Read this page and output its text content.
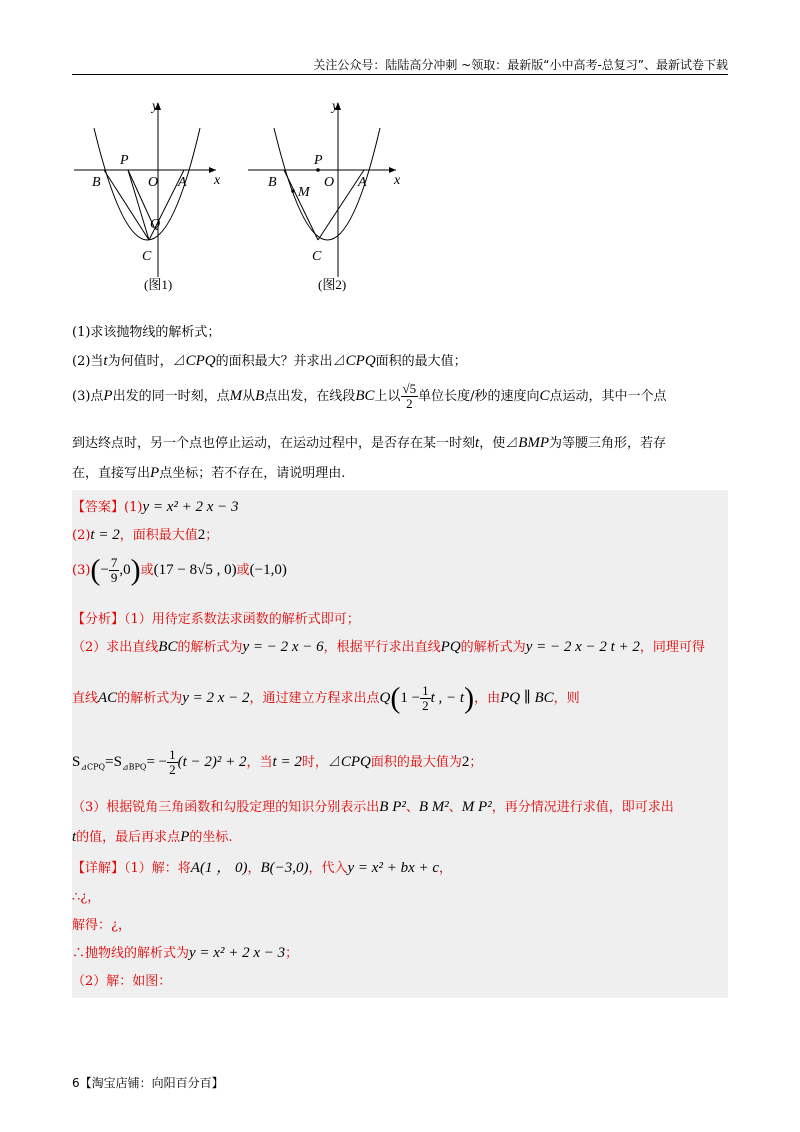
关注公众号：陆陆高分冲刺 ~领取：最新版“小中高考-总复习”、最新试卷下载
y
x
P
B	O A
Q
C
y
x
P
B	O A
M
C
(图1)	(图2)
(1)求该抛物线的解析式；
(2)当t为何值时，⊿CPQ的面积最大？并求出⊿CPQ面积的最大值；
(3)点P出发的同一时刻，点M从B点出发，在线段BC上以 $\frac{√5}{2}$ 单位长度/秒的速度向C点运动，其中一个点
到达终点时，另一个点也停止运动，在运动过程中，是否存在某一时刻t，使⊿BMP为等腰三角形，若存
在，直接写出P点坐标；若不存在，请说明理由.
【答案】(1)y = x² + 2 x − 3
(2)t = 2，面积最大值2；
$(3)(- \frac{7}{9} ,0)$或(17 − 8√5 , 0)或(−1,0)
【分析】（1）用待定系数法求函数的解析式即可；
（2）求出直线BC的解析式为y = − 2 x − 6，根据平行求出直线PQ的解析式为y = − 2 x − 2 t + 2，同理可得
直线AC的解析式为y = 2 x − 2，通过建立方程求出点$Q(1 - \frac{1}{2}$ t , − t)，由PQ ∥ BC，则
$S_{⊿CPQ}=S_{⊿BPQ}= - \frac{1}{2} (t - 2)^2 + 2$，当t = 2时，⊿CPQ面积的最大值为2；
（3）根据锐角三角函数和勾股定理的知识分别表示出B P²、B M²、M P²，再分情况进行求值，即可求出
t的值，最后再求点P的坐标.
【详解】（1）解：将A(1 ， 0)，B(−3,0)，代入y = x² + bx + c，
∴¿，
解得：¿，
∴抛物线的解析式为y = x² + 2 x − 3；
（2）解：如图：
6【淘宝店铺：向阳百分百】
